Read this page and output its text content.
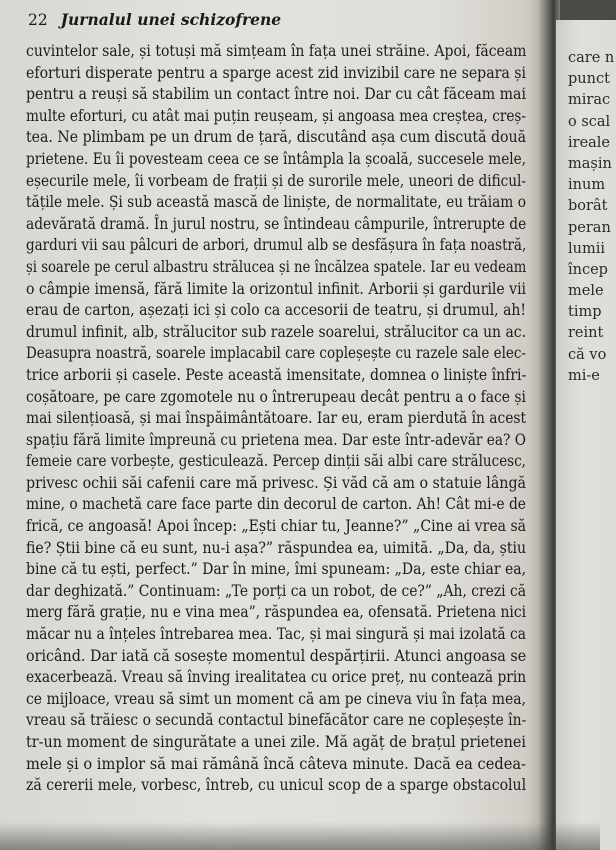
22 Jurnalul unei schizofrene
cuvintelor sale, și totuși mă simțeam în fața unei străine. Apoi, făceam
eforturi disperate pentru a sparge acest zid invizibil care ne separa și
pentru a reuși să stabilim un contact între noi. Dar cu cât făceam mai
multe eforturi, cu atât mai puțin reușeam, și angoasa mea creștea, creș-
tea. Ne plimbam pe un drum de țară, discutând așa cum discută două
prietene. Eu îi povesteam ceea ce se întâmpla la școală, succesele mele,
eșecurile mele, îi vorbeam de frații și de surorile mele, uneori de dificul-
tățile mele. Și sub această mască de liniște, de normalitate, eu trăiam o
adevărată dramă. În jurul nostru, se întindeau câmpurile, întrerupte de
garduri vii sau pâlcuri de arbori, drumul alb se desfășura în fața noastră,
și soarele pe cerul albastru strălucea și ne încălzea spatele. Iar eu vedeam
o câmpie imensă, fără limite la orizontul infinit. Arborii și gardurile vii
erau de carton, așezați ici și colo ca accesorii de teatru, și drumul, ah!
drumul infinit, alb, strălucitor sub razele soarelui, strălucitor ca un ac.
Deasupra noastră, soarele implacabil care copleșește cu razele sale elec-
trice arborii și casele. Peste această imensitate, domnea o liniște înfri-
coșătoare, pe care zgomotele nu o întrerupeau decât pentru a o face și
mai silențioasă, și mai înspăimântătoare. Iar eu, eram pierdută în acest
spațiu fără limite împreună cu prietena mea. Dar este într-adevăr ea? O
femeie care vorbește, gesticulează. Percep dinții săi albi care strălucesc,
privesc ochii săi cafenii care mă privesc. Și văd că am o statuie lângă
mine, o machetă care face parte din decorul de carton. Ah! Cât mi-e de
frică, ce angoasă! Apoi încep: „Ești chiar tu, Jeanne?” „Cine ai vrea să
fie? Știi bine că eu sunt, nu-i așa?” răspundea ea, uimită. „Da, da, știu
bine că tu ești, perfect.” Dar în mine, îmi spuneam: „Da, este chiar ea,
dar deghizată.” Continuam: „Te porți ca un robot, de ce?” „Ah, crezi că
merg fără grație, nu e vina mea”, răspundea ea, ofensată. Prietena nici
măcar nu a înțeles întrebarea mea. Tac, și mai singură și mai izolată ca
oricând. Dar iată că sosește momentul despărțirii. Atunci angoasa se
exacerbează. Vreau să înving irealitatea cu orice preț, nu contează prin
ce mijloace, vreau să simt un moment că am pe cineva viu în fața mea,
vreau să trăiesc o secundă contactul binefăcător care ne copleșește în-
tr-un moment de singurătate a unei zile. Mă agăț de brațul prietenei
mele și o implor să mai rămână încă câteva minute. Dacă ea cedea-
ză cererii mele, vorbesc, întreb, cu unicul scop de a sparge obstacolul
care n
punct
mirac
o scal
ireale
mașin
inum
borât
peran
lumii
încep
mele
timp
reint
că vo
mi-e
